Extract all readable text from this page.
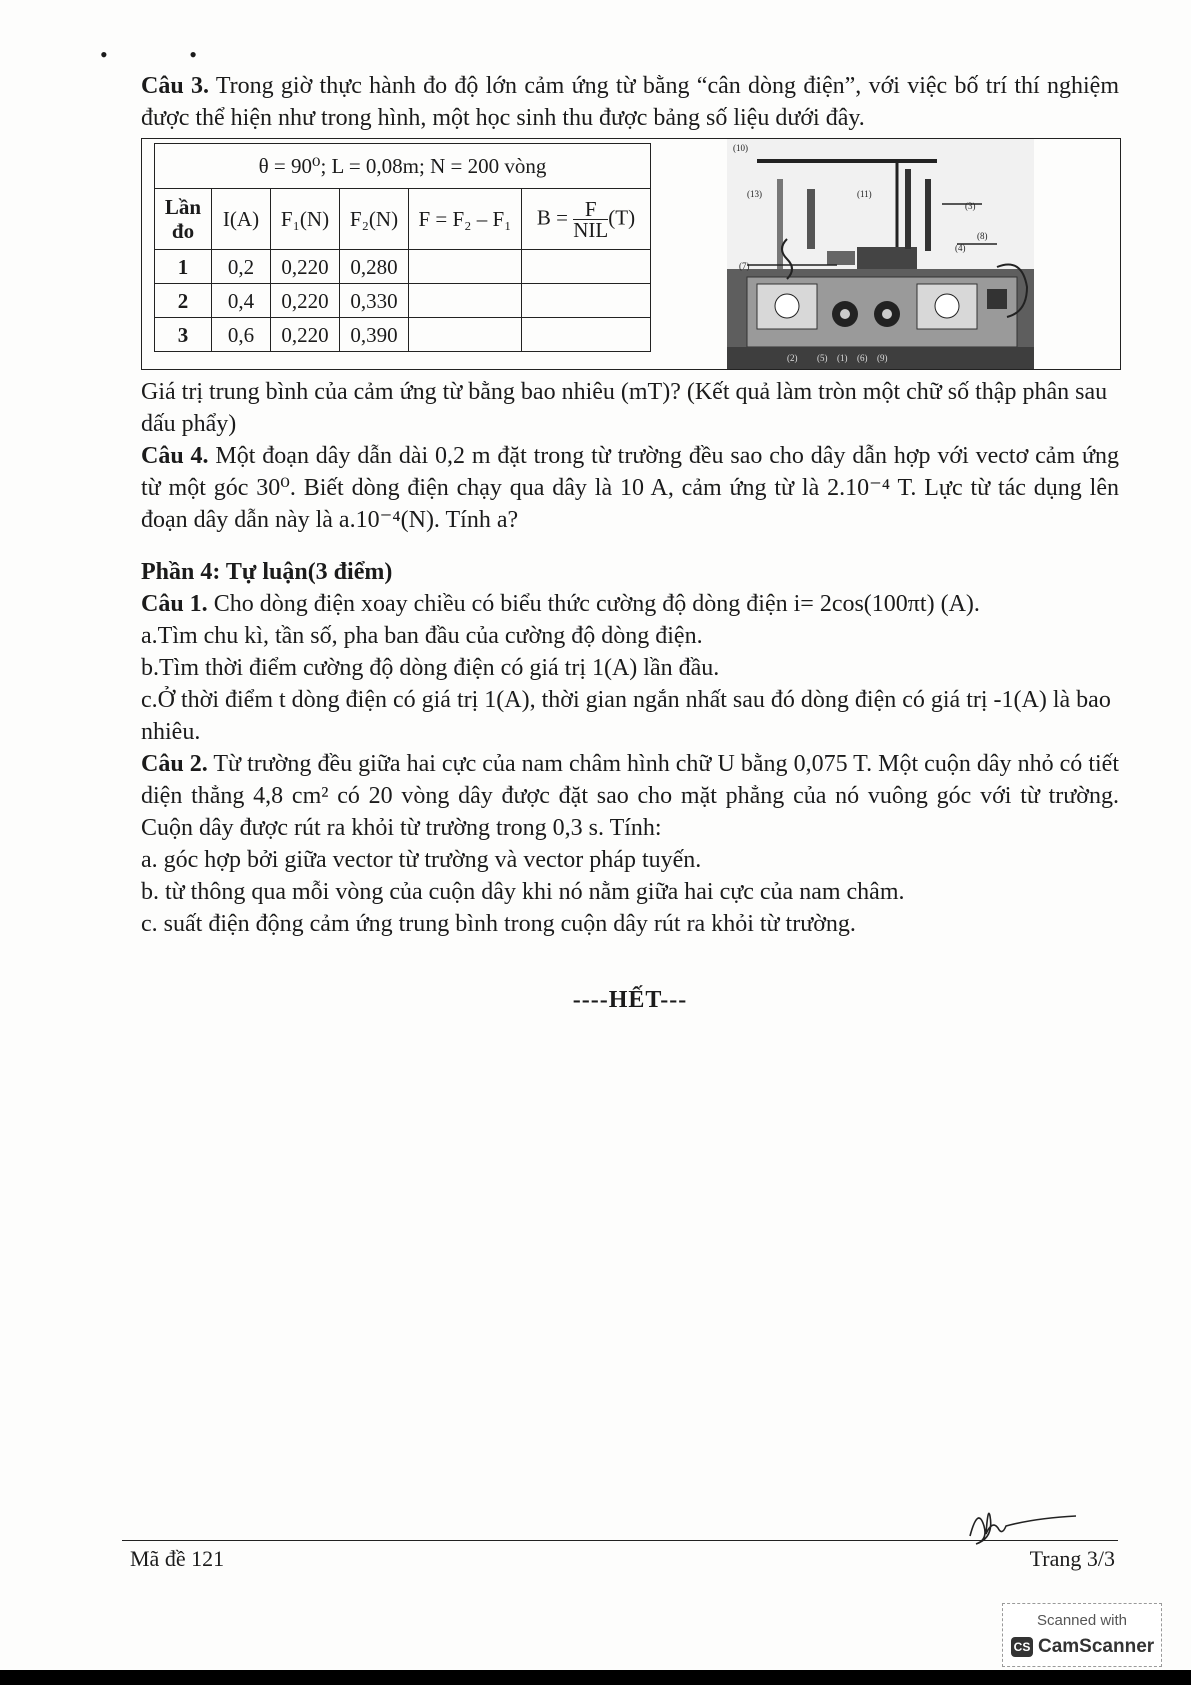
• •

Câu 3. Trong giờ thực hành đo độ lớn cảm ứng từ bằng “cân dòng điện”, với việc bố trí thí nghiệm được thể hiện như trong hình, một học sinh thu được bảng số liệu dưới đây.

θ = 90⁰; L = 0,08m; N = 200 vòng					
Lần đo	I(A)	F₁(N)	F₂(N)	F = F₂ – F₁	$B = \frac{F}{\text{NIL}} (T)$
1	0,2	0,220	0,280		
2	0,4	0,220	0,330		
3	0,6	0,220	0,390		
(10)
(13)	(11)
(3)
(4)
(8)
(7)
(2) (5) (1) (6) (9)

Giá trị trung bình của cảm ứng từ bằng bao nhiêu (mT)? (Kết quả làm tròn một chữ số thập phân sau dấu phẩy)

Câu 4. Một đoạn dây dẫn dài 0,2 m đặt trong từ trường đều sao cho dây dẫn hợp với vectơ cảm ứng từ một góc 30⁰. Biết dòng điện chạy qua dây là 10 A, cảm ứng từ là 2.10⁻⁴ T. Lực từ tác dụng lên đoạn dây dẫn này là a.10⁻⁴(N). Tính a?

Phần 4: Tự luận(3 điểm)

Câu 1. Cho dòng điện xoay chiều có biểu thức cường độ dòng điện i= 2cos(100πt) (A).

a.Tìm chu kì, tần số, pha ban đầu của cường độ dòng điện.

b.Tìm thời điểm cường độ dòng điện có giá trị 1(A) lần đầu.

c.Ở thời điểm t dòng điện có giá trị 1(A), thời gian ngắn nhất sau đó dòng điện có giá trị -1(A) là bao nhiêu.

Câu 2. Từ trường đều giữa hai cực của nam châm hình chữ U bằng 0,075 T. Một cuộn dây nhỏ có tiết diện thẳng 4,8 cm² có 20 vòng dây được đặt sao cho mặt phẳng của nó vuông góc với từ trường. Cuộn dây được rút ra khỏi từ trường trong 0,3 s. Tính:

a. góc hợp bởi giữa vector từ trường và vector pháp tuyến.

b. từ thông qua mỗi vòng của cuộn dây khi nó nằm giữa hai cực của nam châm.

c. suất điện động cảm ứng trung bình trong cuộn dây rút ra khỏi từ trường.

----HẾT---

Mã đề 121	Trang 3/3
Scanned with
CS CamScanner
